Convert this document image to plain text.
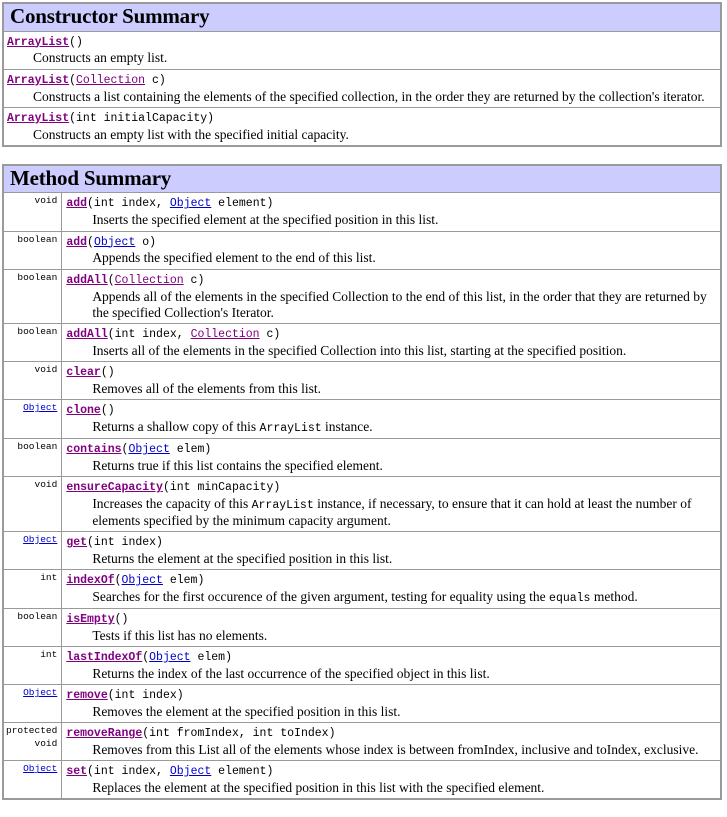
Constructor Summary
ArrayList()
Constructs an empty list.

ArrayList(Collection c)
Constructs a list containing the elements of the specified collection, in the order they are returned by the collection's iterator.

ArrayList(int initialCapacity)
Constructs an empty list with the specified initial capacity.
Method Summary	
void	add(int index, Object element)
Inserts the specified element at the specified position in this list.

boolean	add(Object o)
Appends the specified element to the end of this list.

boolean	addAll(Collection c)
Appends all of the elements in the specified Collection to the end of this list, in the order that they are returned by the specified Collection's Iterator.

boolean	addAll(int index, Collection c)
Inserts all of the elements in the specified Collection into this list, starting at the specified position.

void	clear()
Removes all of the elements from this list.

Object	clone()
Returns a shallow copy of this ArrayList instance.

boolean	contains(Object elem)
Returns true if this list contains the specified element.

void	ensureCapacity(int minCapacity)
Increases the capacity of this ArrayList instance, if necessary, to ensure that it can hold at least the number of elements specified by the minimum capacity argument.

Object	get(int index)
Returns the element at the specified position in this list.

int	indexOf(Object elem)
Searches for the first occurence of the given argument, testing for equality using the equals method.

boolean	isEmpty()
Tests if this list has no elements.

int	lastIndexOf(Object elem)
Returns the index of the last occurrence of the specified object in this list.

Object	remove(int index)
Removes the element at the specified position in this list.

protected void	removeRange(int fromIndex, int toIndex)
Removes from this List all of the elements whose index is between fromIndex, inclusive and toIndex, exclusive.

Object	set(int index, Object element)
Replaces the element at the specified position in this list with the specified element.
